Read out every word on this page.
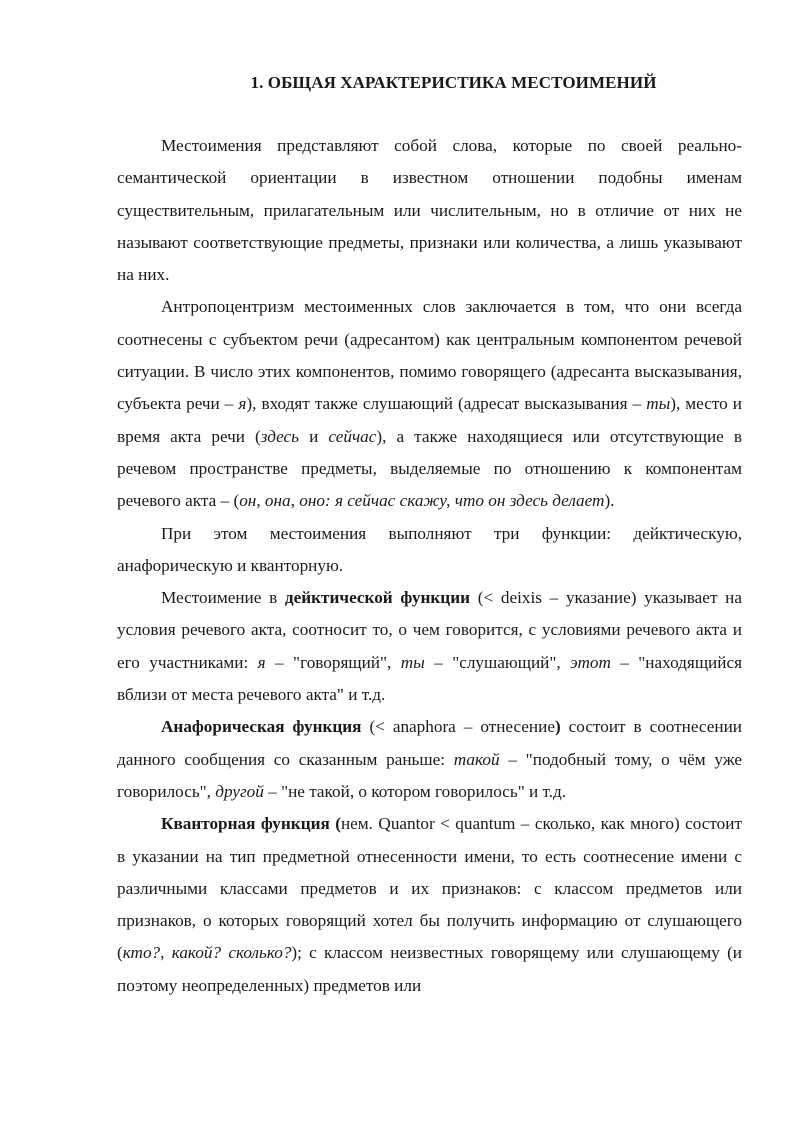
1. ОБЩАЯ ХАРАКТЕРИСТИКА МЕСТОИМЕНИЙ

Местоимения представляют собой слова, которые по своей реально-семантической ориентации в известном отношении подобны именам существительным, прилагательным или числительным, но в отличие от них не называют соответствующие предметы, признаки или количества, а лишь указывают на них.

Антропоцентризм местоименных слов заключается в том, что они всегда соотнесены с субъектом речи (адресантом) как центральным компонентом речевой ситуации. В число этих компонентов, помимо говорящего (адресанта высказывания, субъекта речи – я), входят также слушающий (адресат высказывания – ты), место и время акта речи (здесь и сейчас), а также находящиеся или отсутствующие в речевом пространстве предметы, выделяемые по отношению к компонентам речевого акта – (он, она, оно: я сейчас скажу, что он здесь делает).

При этом местоимения выполняют три функции: дейктическую, анафорическую и кванторную.

Местоимение в дейктической функции (< deixis – указание) указывает на условия речевого акта, соотносит то, о чем говорится, с условиями речевого акта и его участниками: я – "говорящий", ты – "слушающий", этот – "находящийся вблизи от места речевого акта" и т.д.

Анафорическая функция (< anaphora – отнесение) состоит в соотнесении данного сообщения со сказанным раньше: такой – "подобный тому, о чём уже говорилось", другой – "не такой, о котором говорилось" и т.д.

Кванторная функция (нем. Quantor < quantum – сколько, как много) состоит в указании на тип предметной отнесенности имени, то есть соотнесение имени с различными классами предметов и их признаков: с классом предметов или признаков, о которых говорящий хотел бы получить информацию от слушающего (кто?, какой? сколько?); с классом неизвестных говорящему или слушающему (и поэтому неопределенных) предметов или
